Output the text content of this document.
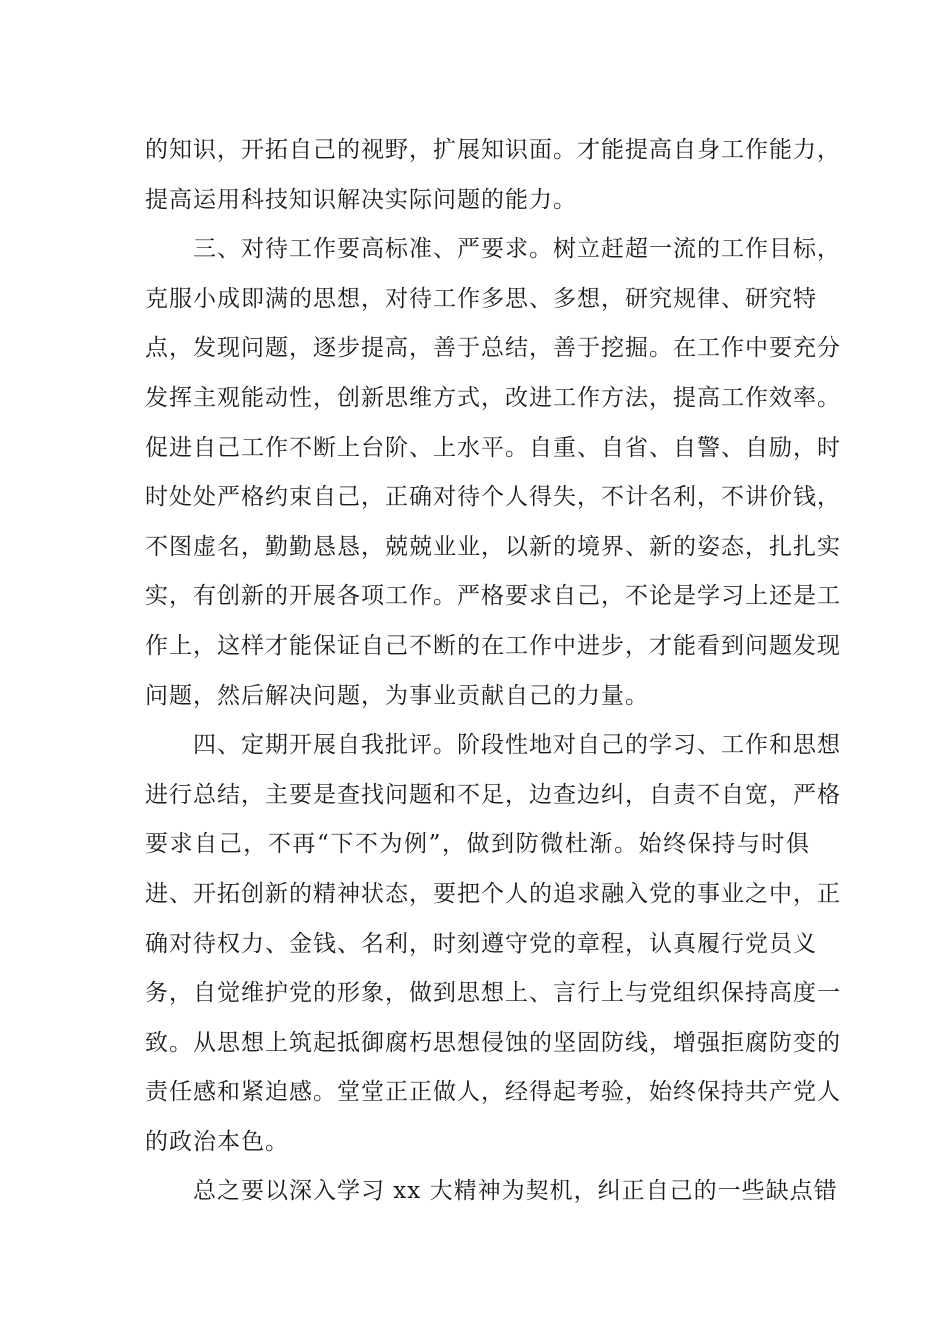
的知识，开拓自己的视野，扩展知识面。才能提高自身工作能力，
提高运用科技知识解决实际问题的能力。
三、对待工作要高标准、严要求。树立赶超一流的工作目标，
克服小成即满的思想，对待工作多思、多想，研究规律、研究特
点，发现问题，逐步提高，善于总结，善于挖掘。在工作中要充分
发挥主观能动性，创新思维方式，改进工作方法，提高工作效率。
促进自己工作不断上台阶、上水平。自重、自省、自警、自励，时
时处处严格约束自己，正确对待个人得失，不计名利，不讲价钱，
不图虚名，勤勤恳恳，兢兢业业，以新的境界、新的姿态，扎扎实
实，有创新的开展各项工作。严格要求自己，不论是学习上还是工
作上，这样才能保证自己不断的在工作中进步，才能看到问题发现
问题，然后解决问题，为事业贡献自己的力量。
四、定期开展自我批评。阶段性地对自己的学习、工作和思想
进行总结，主要是查找问题和不足，边查边纠，自责不自宽，严格
要求自己，不再“下不为例”，做到防微杜渐。始终保持与时俱
进、开拓创新的精神状态，要把个人的追求融入党的事业之中，正
确对待权力、金钱、名利，时刻遵守党的章程，认真履行党员义
务，自觉维护党的形象，做到思想上、言行上与党组织保持高度一
致。从思想上筑起抵御腐朽思想侵蚀的坚固防线，增强拒腐防变的
责任感和紧迫感。堂堂正正做人，经得起考验，始终保持共产党人
的政治本色。
总之要以深入学习 xx 大精神为契机，纠正自己的一些缺点错
